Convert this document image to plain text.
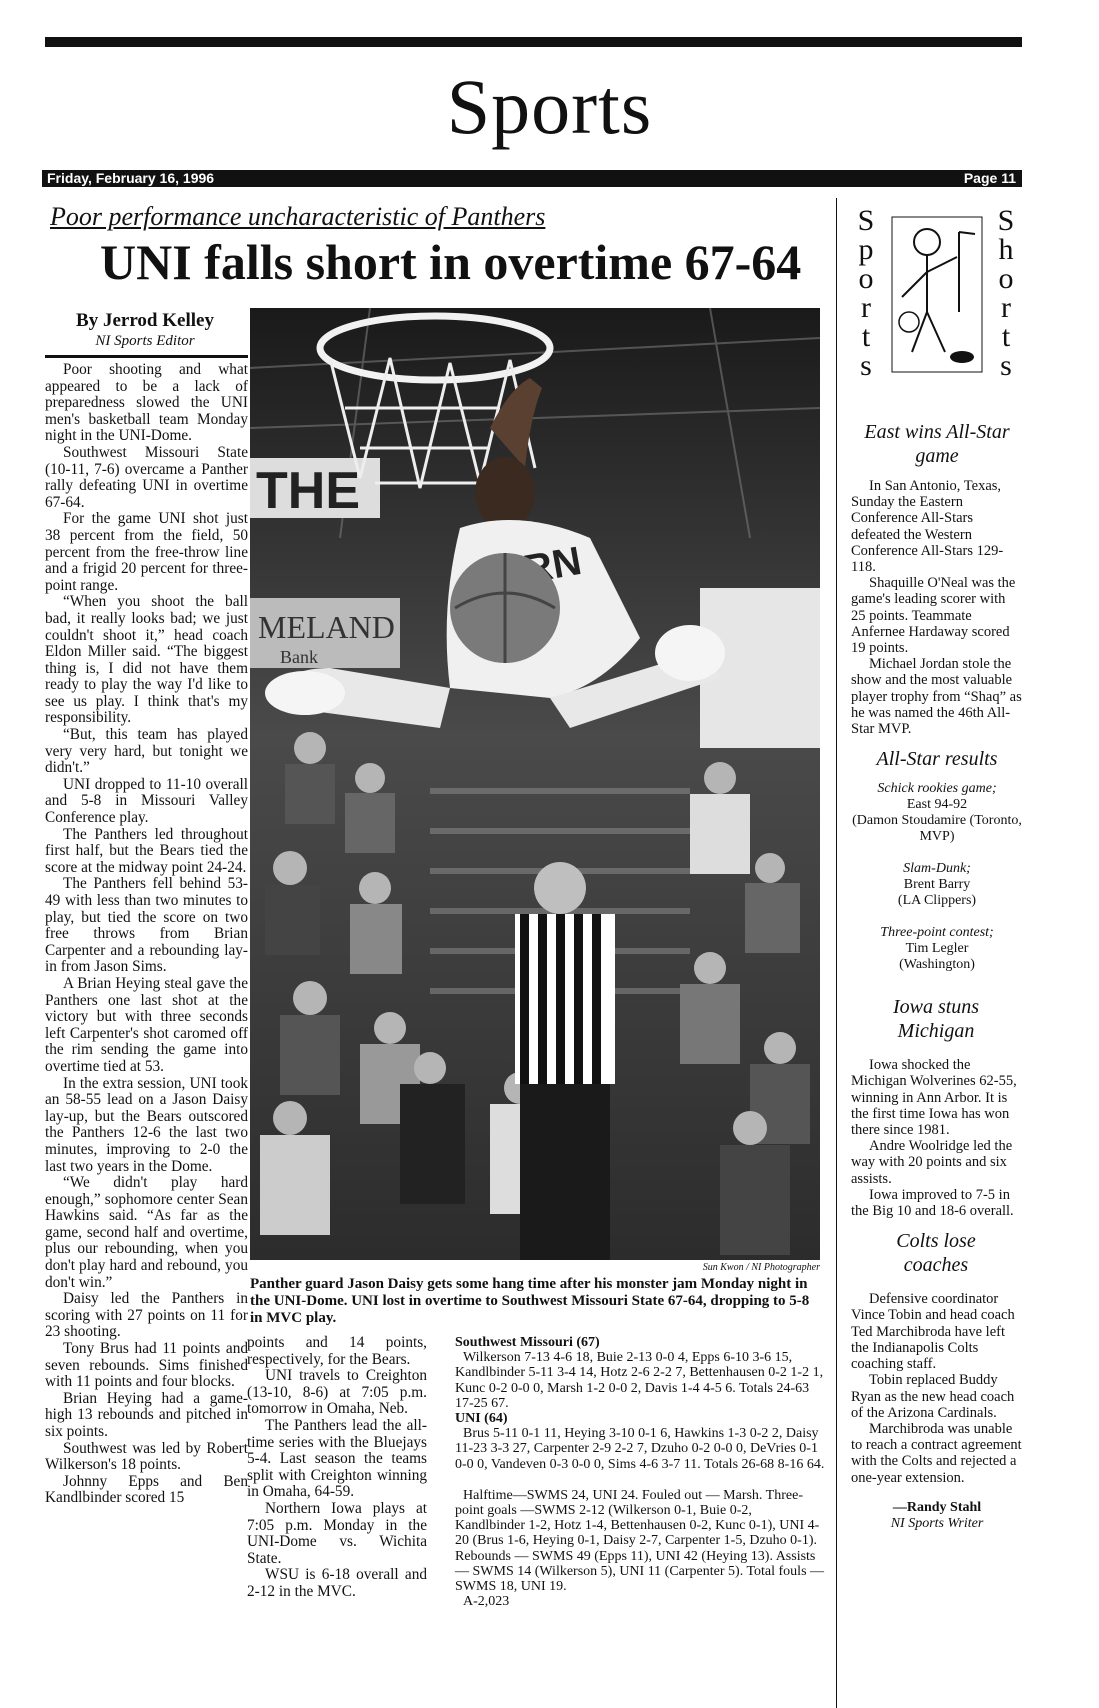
Sports
Friday, February 16, 1996	Page 11
Poor performance uncharacteristic of Panthers
UNI falls short in overtime 67-64
By Jerrod Kelley
NI Sports Editor

Poor shooting and what appeared to be a lack of preparedness slowed the UNI men's basketball team Monday night in the UNI-Dome.

Southwest Missouri State (10-11, 7-6) overcame a Panther rally defeating UNI in overtime 67-64.

For the game UNI shot just 38 percent from the field, 50 percent from the free-throw line and a frigid 20 percent for three-point range.

“When you shoot the ball bad, it really looks bad; we just couldn't shoot it,” head coach Eldon Miller said. “The biggest thing is, I did not have them ready to play the way I'd like to see us play. I think that's my responsibility.

“But, this team has played very very hard, but tonight we didn't.”

UNI dropped to 11-10 overall and 5-8 in Missouri Valley Conference play.

The Panthers led throughout first half, but the Bears tied the score at the midway point 24-24.

The Panthers fell behind 53-49 with less than two minutes to play, but tied the score on two free throws from Brian Carpenter and a rebounding lay-in from Jason Sims.

A Brian Heying steal gave the Panthers one last shot at the victory but with three seconds left Carpenter's shot caromed off the rim sending the game into overtime tied at 53.

In the extra session, UNI took an 58-55 lead on a Jason Daisy lay-up, but the Bears outscored the Panthers 12-6 the last two minutes, improving to 2-0 the last two years in the Dome.

“We didn't play hard enough,” sophomore center Sean Hawkins said. “As far as the game, second half and overtime, plus our rebounding, when you don't play hard and rebound, you don't win.”

Daisy led the Panthers in scoring with 27 points on 11 for 23 shooting.

Tony Brus had 11 points and seven rebounds. Sims finished with 11 points and four blocks.

Brian Heying had a game-high 13 rebounds and pitched in six points.

Southwest was led by Robert Wilkerson's 18 points.

Johnny Epps and Ben Kandlbinder scored 15

THE
MELAND
Bank
Sun Kwon / NI Photographer
Panther guard Jason Daisy gets some hang time after his monster jam Monday night in the UNI-Dome. UNI lost in overtime to Southwest Missouri State 67-64, dropping to 5-8 in MVC play.

points and 14 points, respectively, for the Bears.

UNI travels to Creighton (13-10, 8-6) at 7:05 p.m. tomorrow in Omaha, Neb.

The Panthers lead the all-time series with the Bluejays 5-4. Last season the teams split with Creighton winning in Omaha, 64-59.

Northern Iowa plays at 7:05 p.m. Monday in the UNI-Dome vs. Wichita State.

WSU is 6-18 overall and 2-12 in the MVC.

Southwest Missouri (67)

Wilkerson 7-13 4-6 18, Buie 2-13 0-0 4, Epps 6-10 3-6 15, Kandlbinder 5-11 3-4 14, Hotz 2-6 2-2 7, Bettenhausen 0-2 1-2 1, Kunc 0-2 0-0 0, Marsh 1-2 0-0 2, Davis 1-4 4-5 6. Totals 24-63 17-25 67.

UNI (64)

Brus 5-11 0-1 11, Heying 3-10 0-1 6, Hawkins 1-3 0-2 2, Daisy 11-23 3-3 27, Carpenter 2-9 2-2 7, Dzuho 0-2 0-0 0, DeVries 0-1 0-0 0, Vandeven 0-3 0-0 0, Sims 4-6 3-7 11. Totals 26-68 8-16 64.

Halftime—SWMS 24, UNI 24. Fouled out — Marsh. Three-point goals —SWMS 2-12 (Wilkerson 0-1, Buie 0-2, Kandlbinder 1-2, Hotz 1-4, Bettenhausen 0-2, Kunc 0-1), UNI 4-20 (Brus 1-6, Heying 0-1, Daisy 2-7, Carpenter 1-5, Dzuho 0-1). Rebounds — SWMS 49 (Epps 11), UNI 42 (Heying 13). Assists — SWMS 14 (Wilkerson 5), UNI 11 (Carpenter 5). Total fouls — SWMS 18, UNI 19.

A-2,023

S
p
o
r
t
s
S
h
o
r
t
s
East wins All-Star game

In San Antonio, Texas, Sunday the Eastern Conference All-Stars defeated the Western Conference All-Stars 129-118.

Shaquille O'Neal was the game's leading scorer with 25 points. Teammate Anfernee Hardaway scored 19 points.

Michael Jordan stole the show and the most valuable player trophy from “Shaq” as he was named the 46th All-Star MVP.

All-Star results
Schick rookies game;
East 94-92
(Damon Stoudamire (Toronto, MVP)
Slam-Dunk;
Brent Barry
(LA Clippers)
Three-point contest;
Tim Legler
(Washington)
Iowa stuns Michigan

Iowa shocked the Michigan Wolverines 62-55, winning in Ann Arbor. It is the first time Iowa has won there since 1981.

Andre Woolridge led the way with 20 points and six assists.

Iowa improved to 7-5 in the Big 10 and 18-6 overall.

Colts lose coaches

Defensive coordinator Vince Tobin and head coach Ted Marchibroda have left the Indianapolis Colts coaching staff.

Tobin replaced Buddy Ryan as the new head coach of the Arizona Cardinals.

Marchibroda was unable to reach a contract agreement with the Colts and rejected a one-year extension.

—Randy Stahl
NI Sports Writer
